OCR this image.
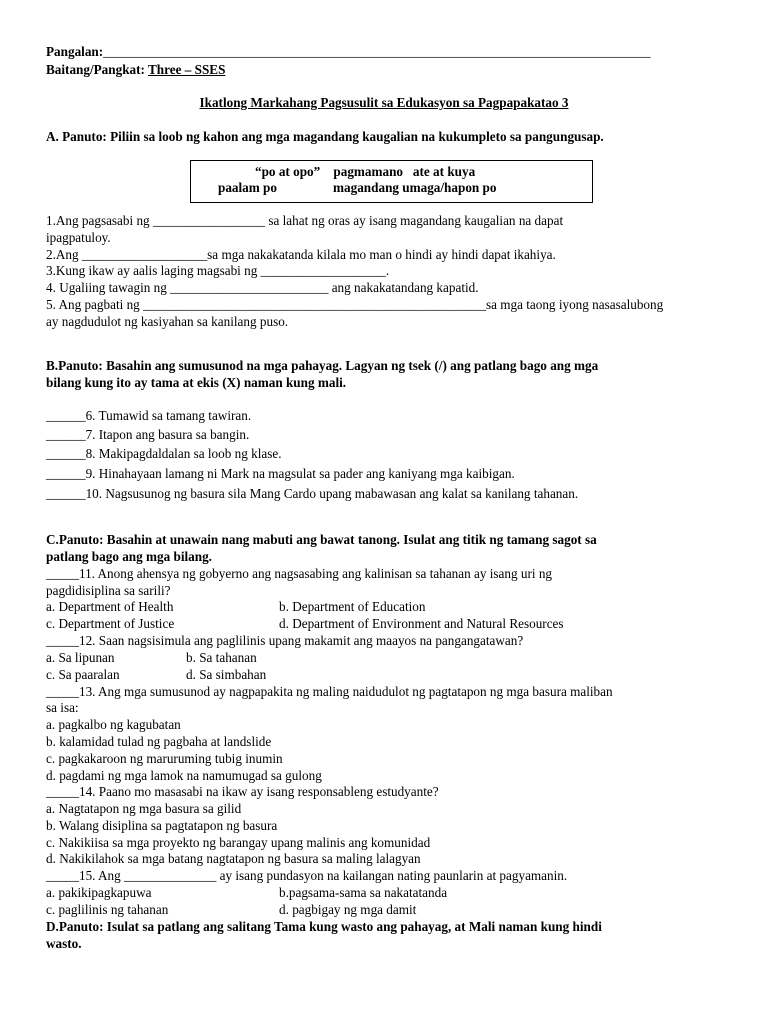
Pangalan:___________________________________________________________________________________
Baitang/Pangkat: Three – SSES
Ikatlong Markahang Pagsusulit sa Edukasyon sa Pagpapakatao 3
A. Panuto: Piliin sa loob ng kahon ang mga magandang kaugalian na kukumpleto sa pangungusap.
“po at opo”    pagmamano   ate at kuya
paalam po                 magandang umaga/hapon po
1.Ang pagsasabi ng _________________ sa lahat ng oras ay isang magandang kaugalian na dapat
ipagpatuloy.
2.Ang ___________________sa mga nakakatanda kilala mo man o hindi ay hindi dapat ikahiya.
3.Kung ikaw ay aalis laging magsabi ng ___________________.
4. Ugaliing tawagin ng ________________________ ang nakakatandang kapatid.
5. Ang pagbati ng ____________________________________________________sa mga taong iyong nasasalubong
ay nagdudulot ng kasiyahan sa kanilang puso.
B.Panuto: Basahin ang sumusunod na mga pahayag. Lagyan ng tsek (/) ang patlang bago ang mga
bilang kung ito ay tama at ekis (X) naman kung mali.
______6. Tumawid sa tamang tawiran.
______7. Itapon ang basura sa bangin.
______8. Makipagdaldalan sa loob ng klase.
______9. Hinahayaan lamang ni Mark na magsulat sa pader ang kaniyang mga kaibigan.
______10. Nagsusunog ng basura sila Mang Cardo upang mabawasan ang kalat sa kanilang tahanan.
C.Panuto: Basahin at unawain nang mabuti ang bawat tanong. Isulat ang titik ng tamang sagot sa
patlang bago ang mga bilang.
_____11. Anong ahensya ng gobyerno ang nagsasabing ang kalinisan sa tahanan ay isang uri ng
pagdidisiplina sa sarili?
a. Department of Health	b. Department of Education
c. Department of Justice	d. Department of Environment and Natural Resources
_____12. Saan nagsisimula ang paglilinis upang makamit ang maayos na pangangatawan?
a. Sa lipunan	b. Sa tahanan
c. Sa paaralan	d. Sa simbahan
_____13. Ang mga sumusunod ay nagpapakita ng maling naidudulot ng pagtatapon ng mga basura maliban
sa isa:
a. pagkalbo ng kagubatan
b. kalamidad tulad ng pagbaha at landslide
c. pagkakaroon ng maruruming tubig inumin
d. pagdami ng mga lamok na namumugad sa gulong
_____14. Paano mo masasabi na ikaw ay isang responsableng estudyante?
a. Nagtatapon ng mga basura sa gilid
b. Walang disiplina sa pagtatapon ng basura
c. Nakikiisa sa mga proyekto ng barangay upang malinis ang komunidad
d. Nakikilahok sa mga batang nagtatapon ng basura sa maling lalagyan
_____15. Ang ______________ ay isang pundasyon na kailangan nating paunlarin at pagyamanin.
a. pakikipagkapuwa	b.pagsama-sama sa nakatatanda
c. paglilinis ng tahanan	d. pagbigay ng mga damit
D.Panuto: Isulat sa patlang ang salitang Tama kung wasto ang pahayag, at Mali naman kung hindi
wasto.
